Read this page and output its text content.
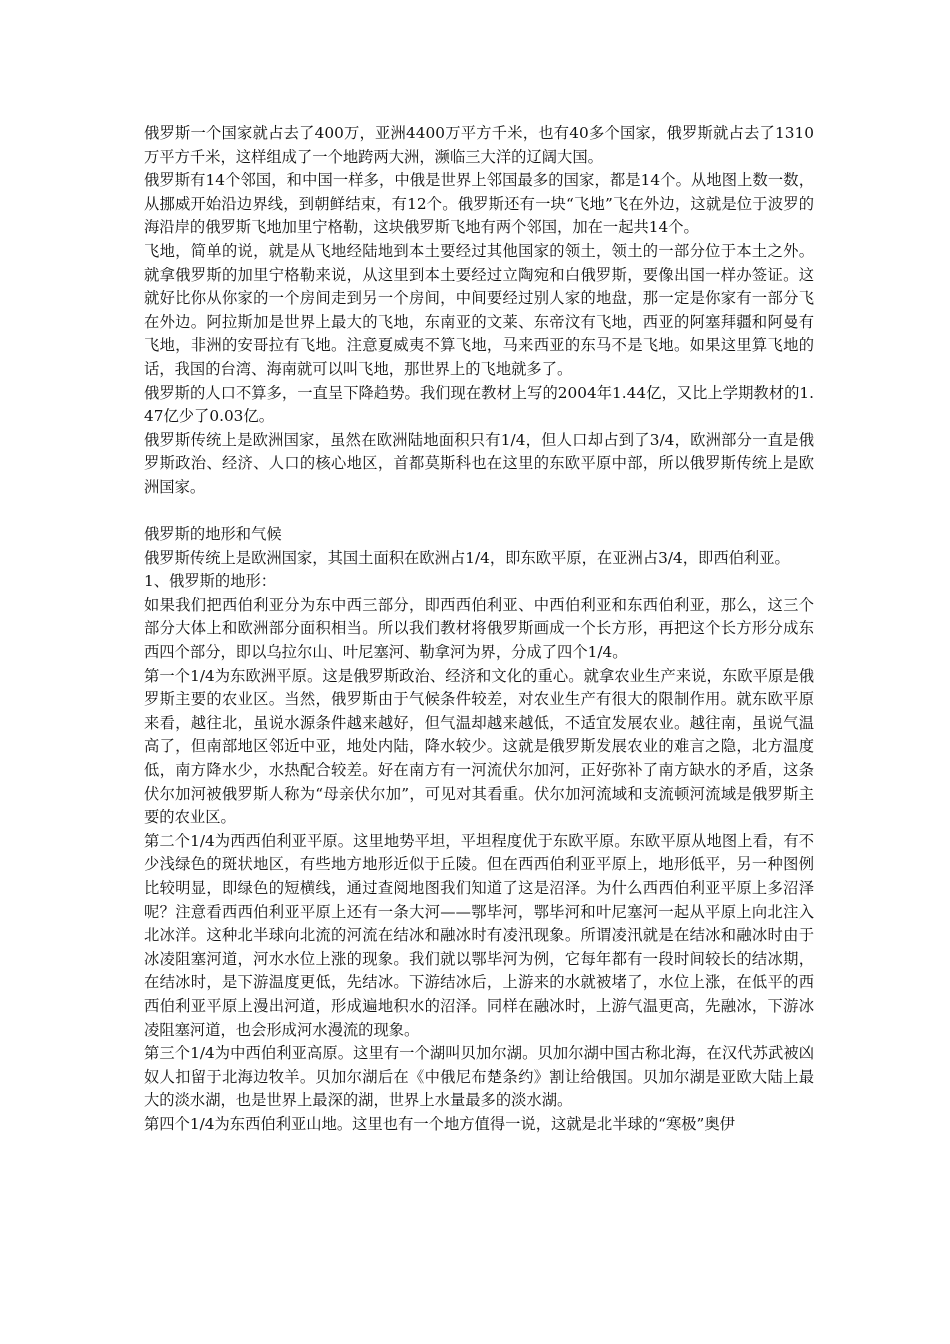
俄罗斯一个国家就占去了400万，亚洲4400万平方千米，也有40多个国家，俄罗斯就占去了1310万平方千米，这样组成了一个地跨两大洲，濒临三大洋的辽阔大国。

俄罗斯有14个邻国，和中国一样多，中俄是世界上邻国最多的国家，都是14个。从地图上数一数，从挪威开始沿边界线，到朝鲜结束，有12个。俄罗斯还有一块“飞地”飞在外边，这就是位于波罗的海沿岸的俄罗斯飞地加里宁格勒，这块俄罗斯飞地有两个邻国，加在一起共14个。

飞地，简单的说，就是从飞地经陆地到本土要经过其他国家的领土，领土的一部分位于本土之外。就拿俄罗斯的加里宁格勒来说，从这里到本土要经过立陶宛和白俄罗斯，要像出国一样办签证。这就好比你从你家的一个房间走到另一个房间，中间要经过别人家的地盘，那一定是你家有一部分飞在外边。阿拉斯加是世界上最大的飞地，东南亚的文莱、东帝汶有飞地，西亚的阿塞拜疆和阿曼有飞地，非洲的安哥拉有飞地。注意夏威夷不算飞地，马来西亚的东马不是飞地。如果这里算飞地的话，我国的台湾、海南就可以叫飞地，那世界上的飞地就多了。

俄罗斯的人口不算多，一直呈下降趋势。我们现在教材上写的2004年1.44亿，又比上学期教材的1.47亿少了0.03亿。

俄罗斯传统上是欧洲国家，虽然在欧洲陆地面积只有1/4，但人口却占到了3/4，欧洲部分一直是俄罗斯政治、经济、人口的核心地区，首都莫斯科也在这里的东欧平原中部，所以俄罗斯传统上是欧洲国家。

俄罗斯的地形和气候

俄罗斯传统上是欧洲国家，其国土面积在欧洲占1/4，即东欧平原，在亚洲占3/4，即西伯利亚。

1、俄罗斯的地形：

如果我们把西伯利亚分为东中西三部分，即西西伯利亚、中西伯利亚和东西伯利亚，那么，这三个部分大体上和欧洲部分面积相当。所以我们教材将俄罗斯画成一个长方形，再把这个长方形分成东西四个部分，即以乌拉尔山、叶尼塞河、勒拿河为界，分成了四个1/4。

第一个1/4为东欧洲平原。这是俄罗斯政治、经济和文化的重心。就拿农业生产来说，东欧平原是俄罗斯主要的农业区。当然，俄罗斯由于气候条件较差，对农业生产有很大的限制作用。就东欧平原来看，越往北，虽说水源条件越来越好，但气温却越来越低，不适宜发展农业。越往南，虽说气温高了，但南部地区邻近中亚，地处内陆，降水较少。这就是俄罗斯发展农业的难言之隐，北方温度低，南方降水少，水热配合较差。好在南方有一河流伏尔加河，正好弥补了南方缺水的矛盾，这条伏尔加河被俄罗斯人称为“母亲伏尔加”，可见对其看重。伏尔加河流域和支流顿河流域是俄罗斯主要的农业区。

第二个1/4为西西伯利亚平原。这里地势平坦，平坦程度优于东欧平原。东欧平原从地图上看，有不少浅绿色的斑状地区，有些地方地形近似于丘陵。但在西西伯利亚平原上，地形低平，另一种图例比较明显，即绿色的短横线，通过查阅地图我们知道了这是沼泽。为什么西西伯利亚平原上多沼泽呢？注意看西西伯利亚平原上还有一条大河——鄂毕河，鄂毕河和叶尼塞河一起从平原上向北注入北冰洋。这种北半球向北流的河流在结冰和融冰时有凌汛现象。所谓凌汛就是在结冰和融冰时由于冰凌阻塞河道，河水水位上涨的现象。我们就以鄂毕河为例，它每年都有一段时间较长的结冰期，在结冰时，是下游温度更低，先结冰。下游结冰后，上游来的水就被堵了，水位上涨，在低平的西西伯利亚平原上漫出河道，形成遍地积水的沼泽。同样在融冰时，上游气温更高，先融冰，下游冰凌阻塞河道，也会形成河水漫流的现象。

第三个1/4为中西伯利亚高原。这里有一个湖叫贝加尔湖。贝加尔湖中国古称北海，在汉代苏武被凶奴人扣留于北海边牧羊。贝加尔湖后在《中俄尼布楚条约》割让给俄国。贝加尔湖是亚欧大陆上最大的淡水湖，也是世界上最深的湖，世界上水量最多的淡水湖。

第四个1/4为东西伯利亚山地。这里也有一个地方值得一说，这就是北半球的“寒极”奥伊
